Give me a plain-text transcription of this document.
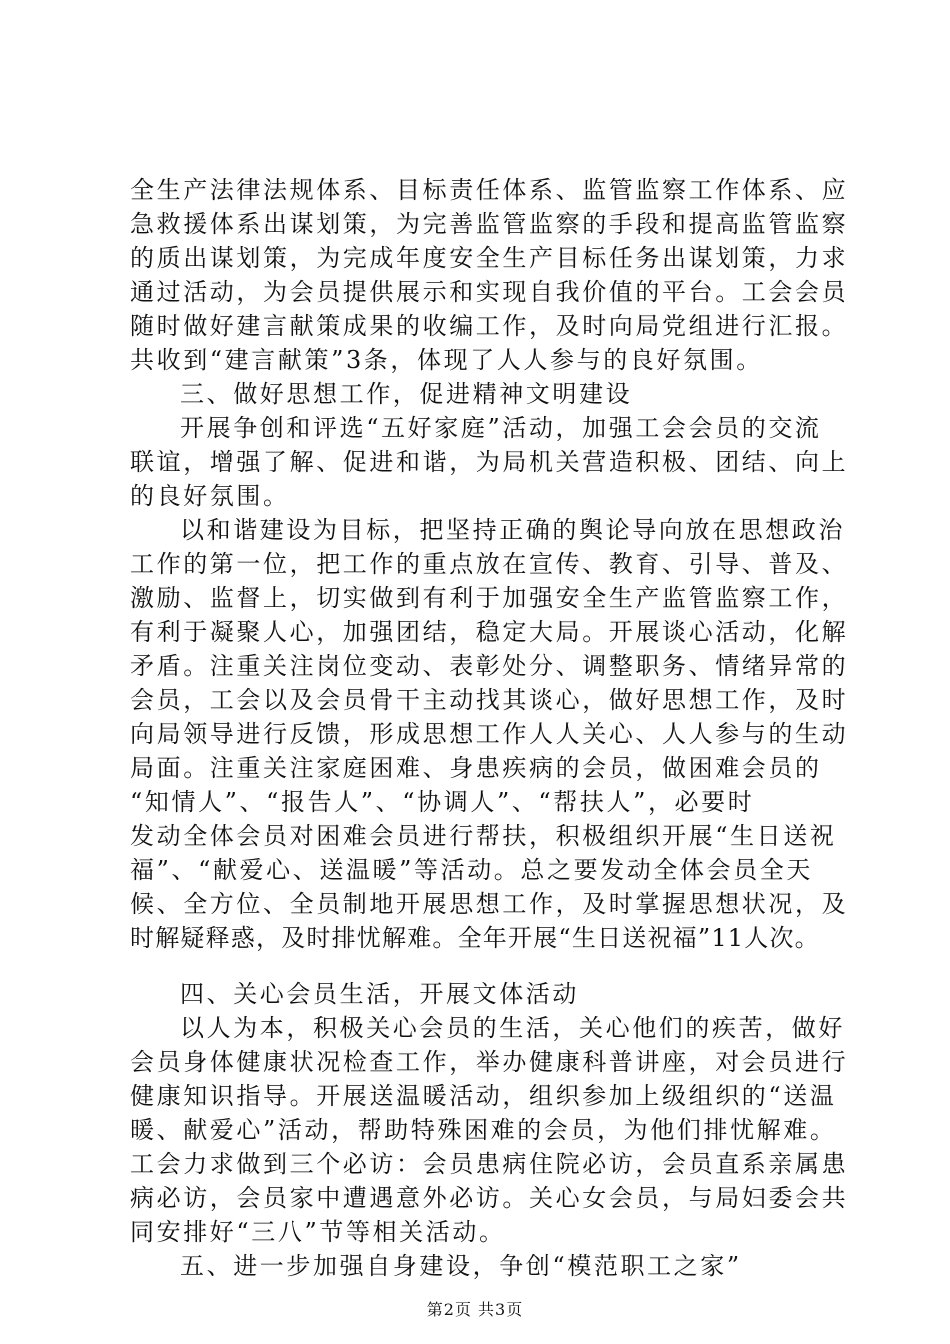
全生产法律法规体系、目标责任体系、监管监察工作体系、应
急救援体系出谋划策，为完善监管监察的手段和提高监管监察
的质出谋划策，为完成年度安全生产目标任务出谋划策，力求
通过活动，为会员提供展示和实现自我价值的平台。工会会员
随时做好建言献策成果的收编工作，及时向局党组进行汇报。
共收到“建言献策”3条，体现了人人参与的良好氛围。
三、做好思想工作，促进精神文明建设
开展争创和评选“五好家庭”活动，加强工会会员的交流
联谊，增强了解、促进和谐，为局机关营造积极、团结、向上
的良好氛围。
以和谐建设为目标，把坚持正确的舆论导向放在思想政治
工作的第一位，把工作的重点放在宣传、教育、引导、普及、
激励、监督上，切实做到有利于加强安全生产监管监察工作，
有利于凝聚人心，加强团结，稳定大局。开展谈心活动，化解
矛盾。注重关注岗位变动、表彰处分、调整职务、情绪异常的
会员，工会以及会员骨干主动找其谈心，做好思想工作，及时
向局领导进行反馈，形成思想工作人人关心、人人参与的生动
局面。注重关注家庭困难、身患疾病的会员，做困难会员的
“知情人”、“报告人”、“协调人”、“帮扶人”，必要时
发动全体会员对困难会员进行帮扶，积极组织开展“生日送祝
福”、“献爱心、送温暖”等活动。总之要发动全体会员全天
候、全方位、全员制地开展思想工作，及时掌握思想状况，及
时解疑释惑，及时排忧解难。全年开展“生日送祝福”11人次。
四、关心会员生活，开展文体活动
以人为本，积极关心会员的生活，关心他们的疾苦，做好
会员身体健康状况检查工作，举办健康科普讲座，对会员进行
健康知识指导。开展送温暖活动，组织参加上级组织的“送温
暖、献爱心”活动，帮助特殊困难的会员，为他们排忧解难。
工会力求做到三个必访：会员患病住院必访，会员直系亲属患
病必访，会员家中遭遇意外必访。关心女会员，与局妇委会共
同安排好“三八”节等相关活动。
五、进一步加强自身建设，争创“模范职工之家”
第2页 共3页
